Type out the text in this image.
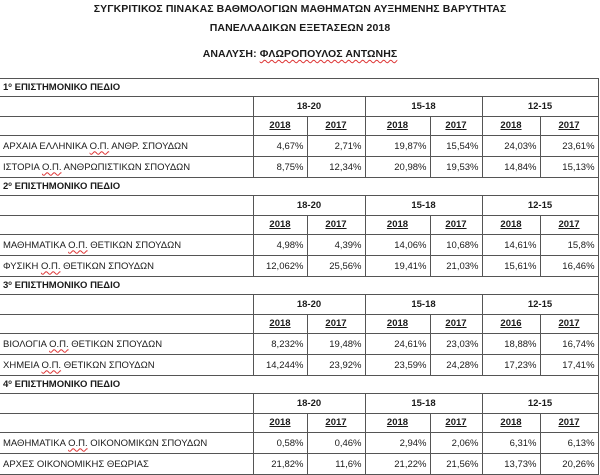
ΣΥΓΚΡΙΤΙΚΟΣ ΠΙΝΑΚΑΣ ΒΑΘΜΟΛΟΓΙΩΝ ΜΑΘΗΜΑΤΩΝ ΑΥΞΗΜΕΝΗΣ ΒΑΡΥΤΗΤΑΣ
ΠΑΝΕΛΛΑΔΙΚΩΝ ΕΞΕΤΑΣΕΩΝ 2018
ΑΝΑΛΥΣΗ: ΦΛΩΡΟΠΟΥΛΟΣ ΑΝΤΩΝΗΣ
$1^o$ ΕΠΙΣΤΗΜΟΝΙΚΟ ΠΕΔΙΟ						
	18-20		15-18		12-15	
	2018	2017	2018	2017	2018	2017
ΑΡΧΑΙΑ ΕΛΛΗΝΙΚΑ Ο.Π. ΑΝΘΡ. ΣΠΟΥΔΩΝ	4,67%	2,71%	19,87%	15,54%	24,03%	23,61%
ΙΣΤΟΡΙΑ Ο.Π. ΑΝΘΡΩΠΙΣΤΙΚΩΝ ΣΠΟΥΔΩΝ	8,75%	12,34%	20,98%	19,53%	14,84%	15,13%
$2^o$ ΕΠΙΣΤΗΜΟΝΙΚΟ ΠΕΔΙΟ						
	18-20		15-18		12-15	
	2018	2017	2018	2017	2018	2017
ΜΑΘΗΜΑΤΙΚΑ Ο.Π. ΘΕΤΙΚΩΝ ΣΠΟΥΔΩΝ	4,98%	4,39%	14,06%	10,68%	14,61%	15,8%
ΦΥΣΙΚΗ Ο.Π. ΘΕΤΙΚΩΝ ΣΠΟΥΔΩΝ	12,062%	25,56%	19,41%	21,03%	15,61%	16,46%
$3^o$ ΕΠΙΣΤΗΜΟΝΙΚΟ ΠΕΔΙΟ						
	18-20		15-18		12-15	
	2018	2017	2018	2017	2016	2017
ΒΙΟΛΟΓΙΑ Ο.Π. ΘΕΤΙΚΩΝ ΣΠΟΥΔΩΝ	8,232%	19,48%	24,61%	23,03%	18,88%	16,74%
ΧΗΜΕΙΑ Ο.Π. ΘΕΤΙΚΩΝ ΣΠΟΥΔΩΝ	14,244%	23,92%	23,59%	24,28%	17,23%	17,41%
$4^o$ ΕΠΙΣΤΗΜΟΝΙΚΟ ΠΕΔΙΟ						
	18-20		15-18		12-15	
	2018	2017	2018	2017	2018	2017
ΜΑΘΗΜΑΤΙΚΑ Ο.Π. ΟΙΚΟΝΟΜΙΚΩΝ ΣΠΟΥΔΩΝ	0,58%	0,46%	2,94%	2,06%	6,31%	6,13%
ΑΡΧΕΣ ΟΙΚΟΝΟΜΙΚΗΣ ΘΕΩΡΙΑΣ	21,82%	11,6%	21,22%	21,56%	13,73%	20,26%
